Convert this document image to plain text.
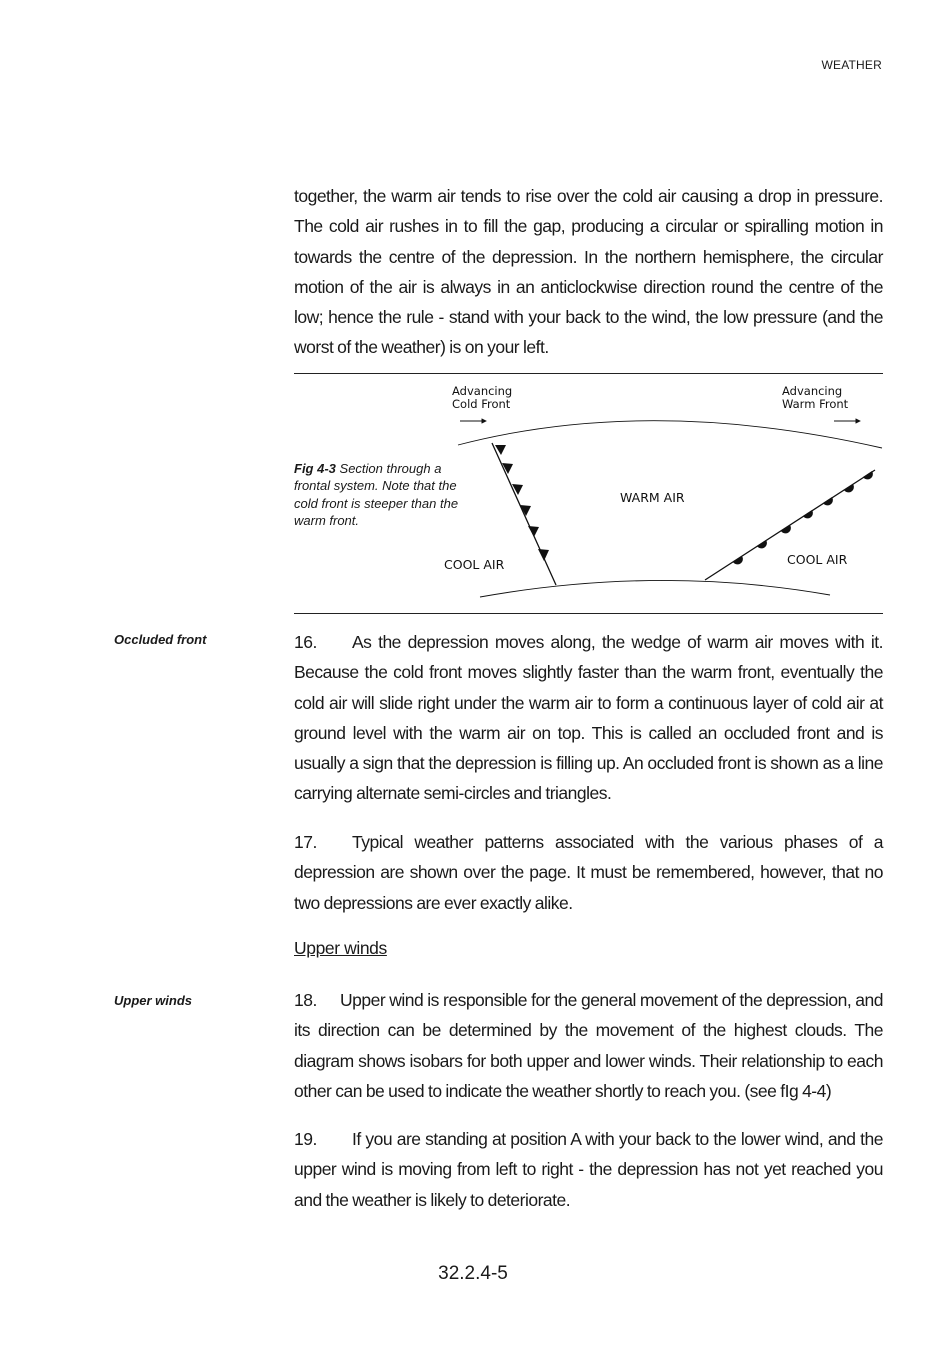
WEATHER

together, the warm air tends to rise over the cold air causing a drop in pressure. The cold air rushes in to fill the gap, producing a circular or spiralling motion in towards the centre of the depression. In the northern hemisphere, the circular motion of the air is always in an anticlockwise direction round the centre of the low; hence the rule - stand with your back to the wind, the low pressure (and the worst of the weather) is on your left.

Fig 4-3 Section through a frontal system. Note that the cold front is steeper than the warm front.

Advancing
Cold Front
Advancing
Warm Front
WARM AIR
COOL AIR	COOL AIR

Occluded front	16. As the depression moves along, the wedge of warm air moves with it. Because the cold front moves slightly faster than the warm front, eventually the cold air will slide right under the warm air to form a continuous layer of cold air at ground level with the warm air on top. This is called an occluded front and is usually a sign that the depression is filling up. An occluded front is shown as a line carrying alternate semi-circles and triangles.

17. Typical weather patterns associated with the various phases of a depression are shown over the page. It must be remembered, however, that no two depressions are ever exactly alike.

Upper winds

Upper winds	18. Upper wind is responsible for the general movement of the depression, and its direction can be determined by the movement of the highest clouds. The diagram shows isobars for both upper and lower winds. Their relationship to each other can be used to indicate the weather shortly to reach you. (see fIg 4-4)

19. If you are standing at position A with your back to the lower wind, and the upper wind is moving from left to right - the depression has not yet reached you and the weather is likely to deteriorate.

32.2.4-5
